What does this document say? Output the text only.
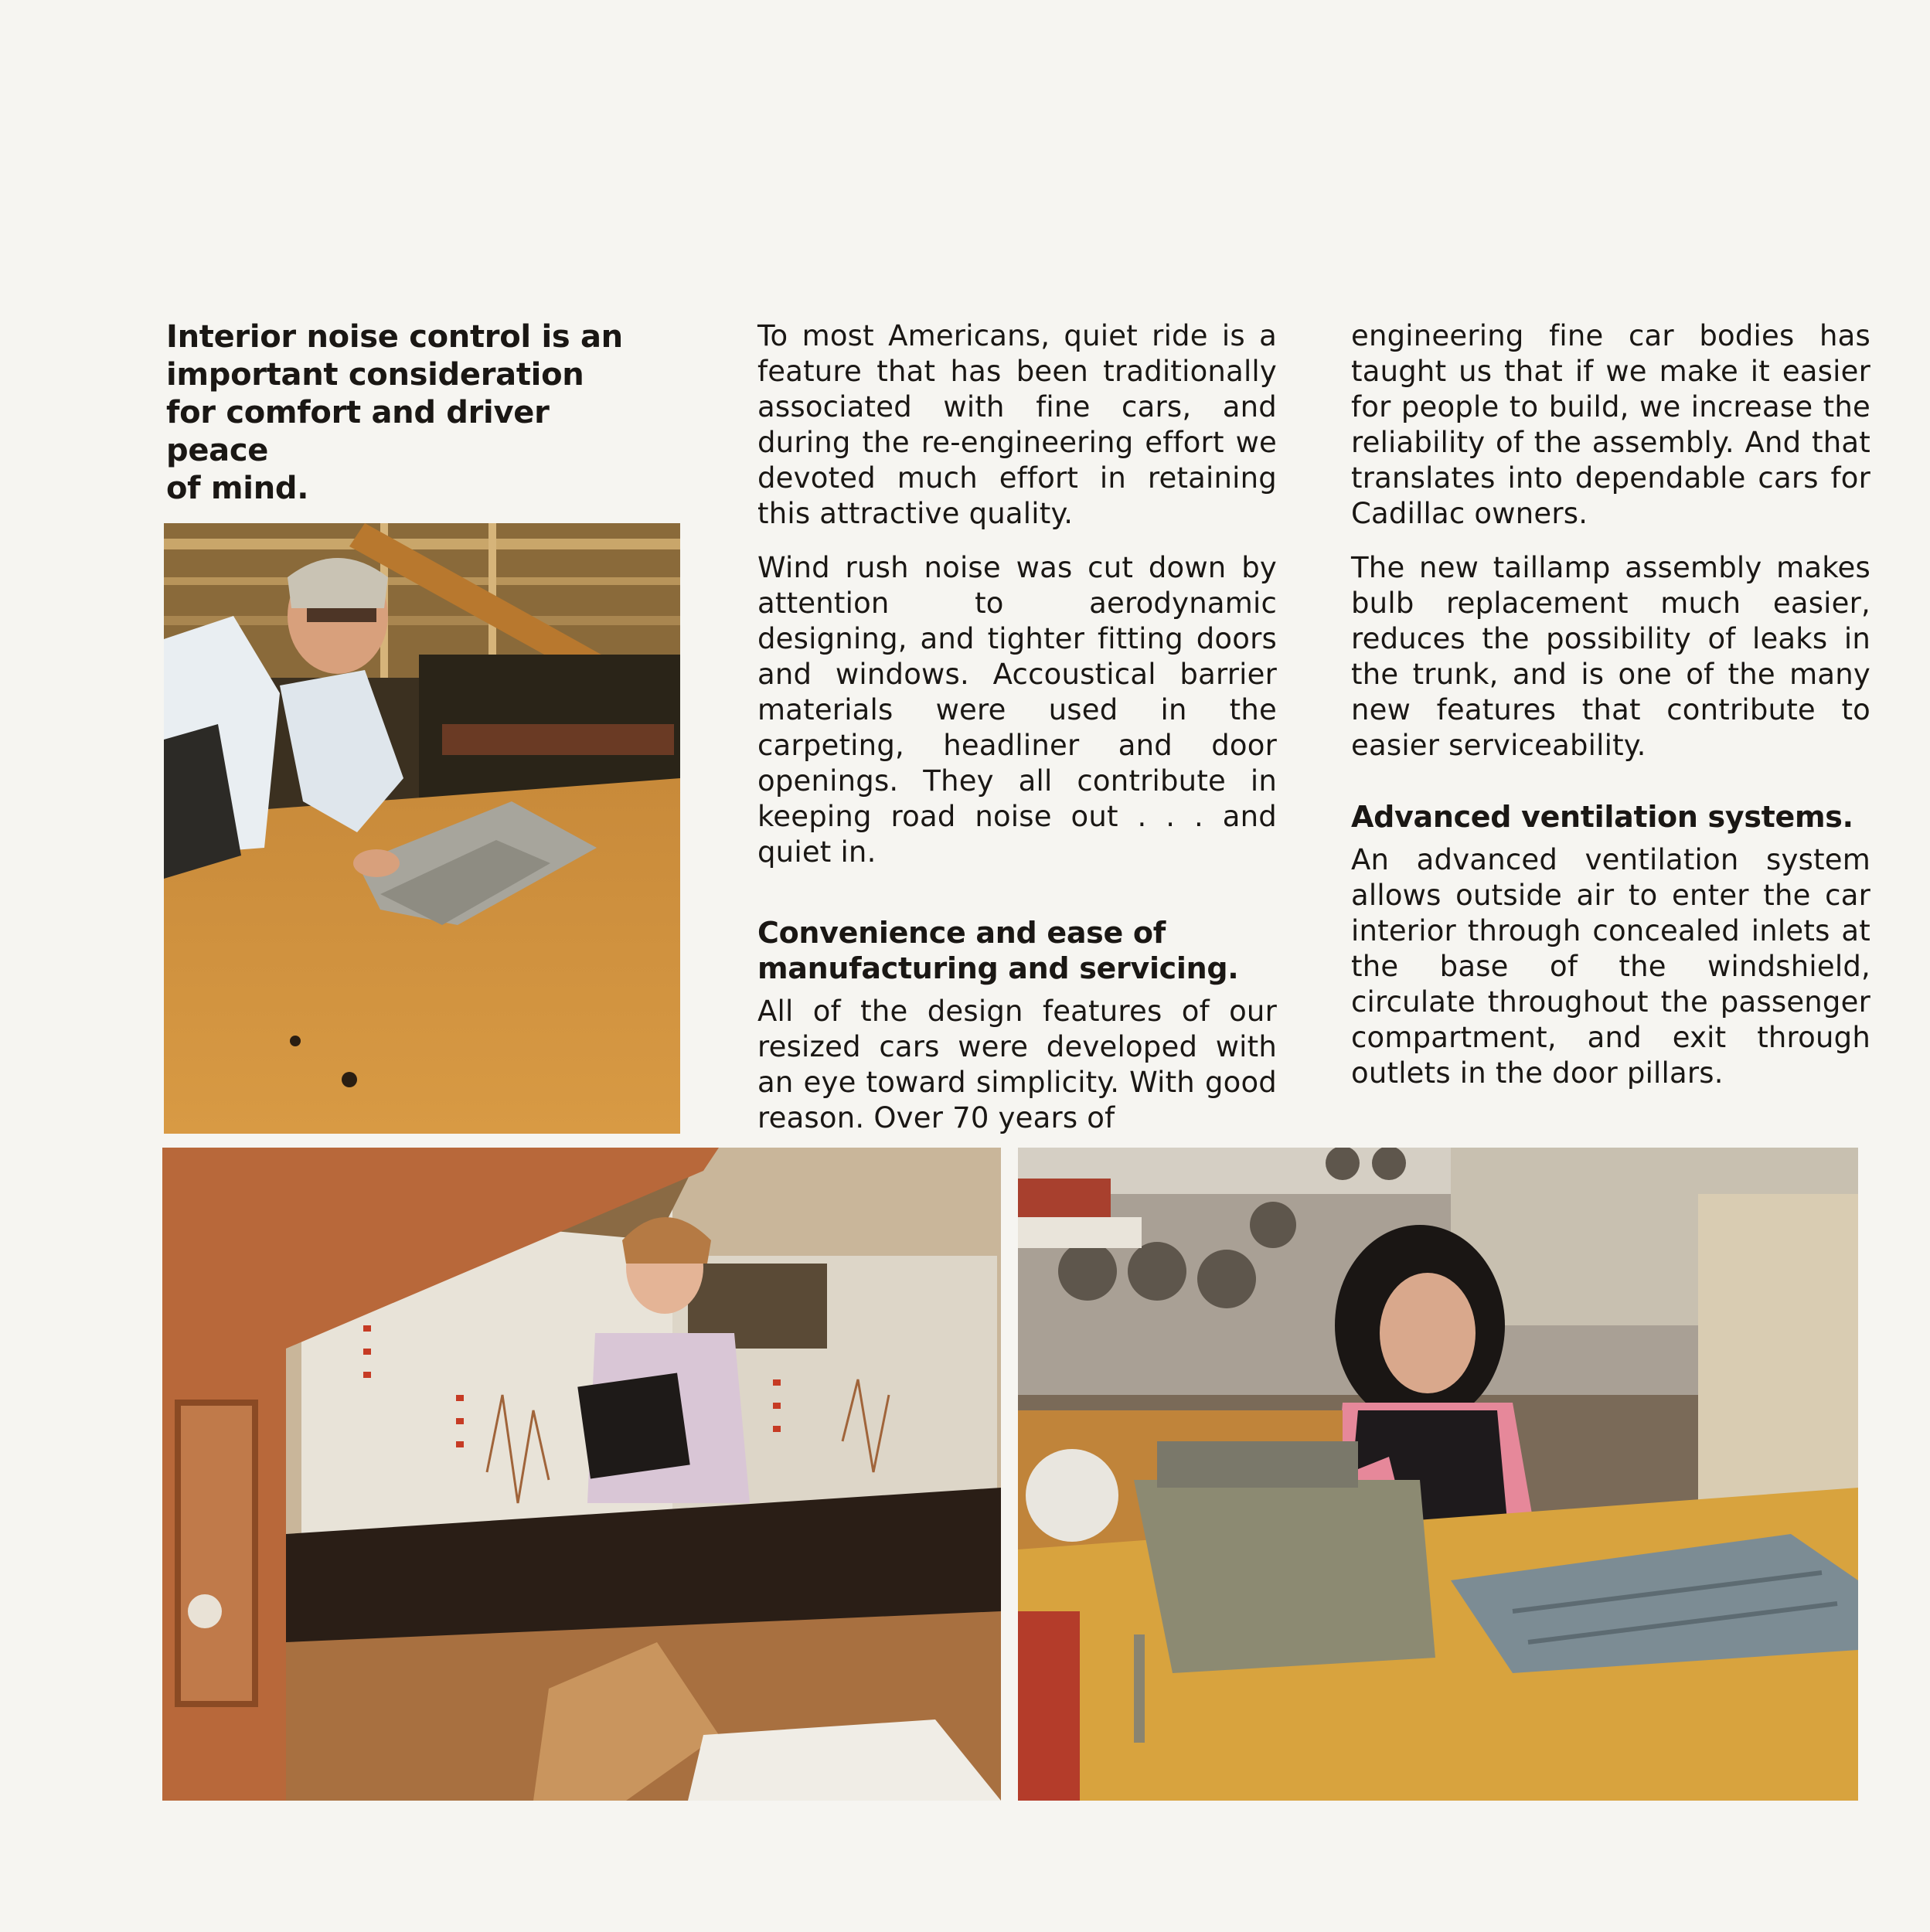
Interior noise control is an
important consideration
for comfort and driver peace
of mind.

To most Americans, quiet ride is a feature that has been traditionally associated with fine cars, and during the re-engineering effort we devoted much effort in retaining this attractive quality.

Wind rush noise was cut down by attention to aerodynamic designing, and tighter fitting doors and windows. Accoustical barrier materials were used in the carpeting, headliner and door openings. They all contribute in keeping road noise out . . . and quiet in.

Convenience and ease of manufacturing and servicing.

All of the design features of our resized cars were developed with an eye toward simplicity. With good reason. Over 70 years of

engineering fine car bodies has taught us that if we make it easier for people to build, we increase the reliability of the assembly. And that translates into dependable cars for Cadillac owners.

The new taillamp assembly makes bulb replacement much easier, reduces the possibility of leaks in the trunk, and is one of the many new features that contribute to easier serviceability.

Advanced ventilation systems.

An advanced ventilation system allows outside air to enter the car interior through concealed inlets at the base of the windshield, circulate throughout the passenger compartment, and exit through outlets in the door pillars.
